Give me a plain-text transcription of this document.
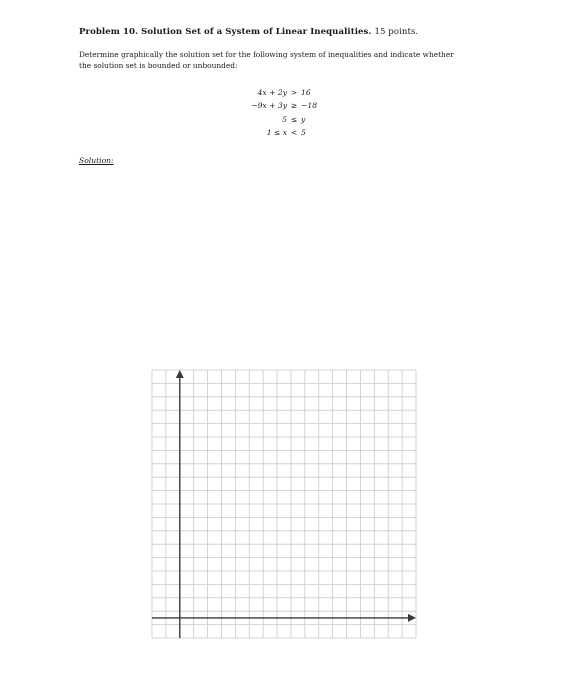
Problem 10. Solution Set of a System of Linear Inequalities. 15 points.
Determine graphically the solution set for the following system of inequalities and indicate whether
the solution set is bounded or unbounded:
4x + 2y > 16
−9x + 3y ≥ −18
5 ≤ y
1 ≤ x < 5
Solution:
